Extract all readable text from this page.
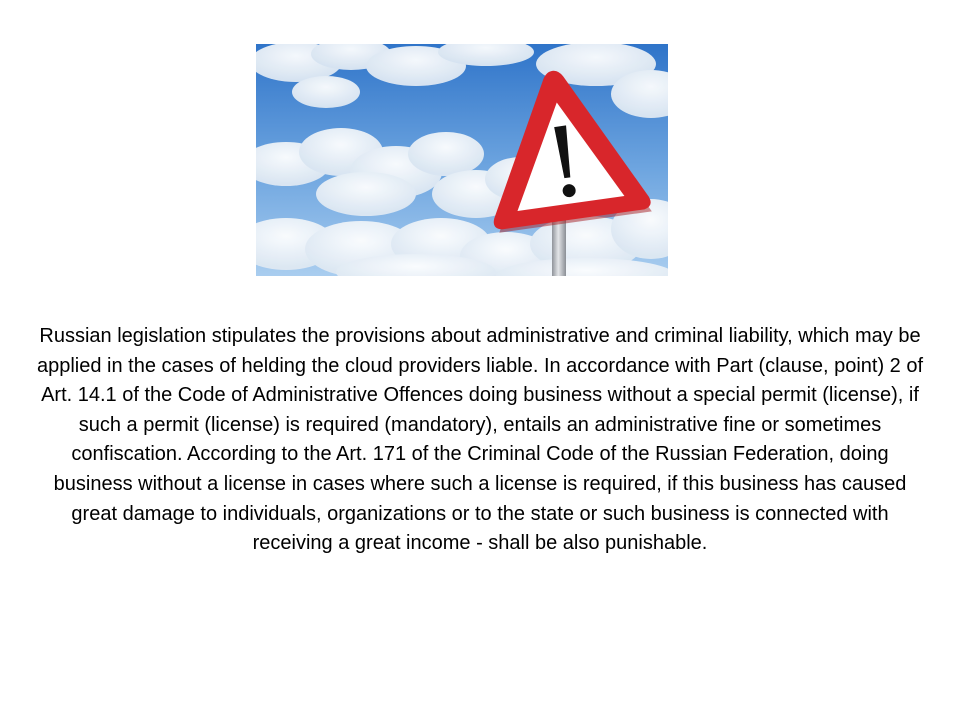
Russian legislation stipulates the provisions about administrative and criminal liability, which may be applied in the cases of helding the cloud providers liable. In accordance with Part (clause, point) 2 of Art. 14.1 of the Code of Administrative Offences doing business without a special permit (license), if such a permit (license) is required (mandatory), entails an administrative fine or sometimes confiscation. According to the Art. 171 of the Criminal Code of the Russian Federation, doing business without a license in cases where such a license is required, if this business has caused great damage to individuals, organizations or to the state or such business is connected with receiving a great income - shall be also punishable.
